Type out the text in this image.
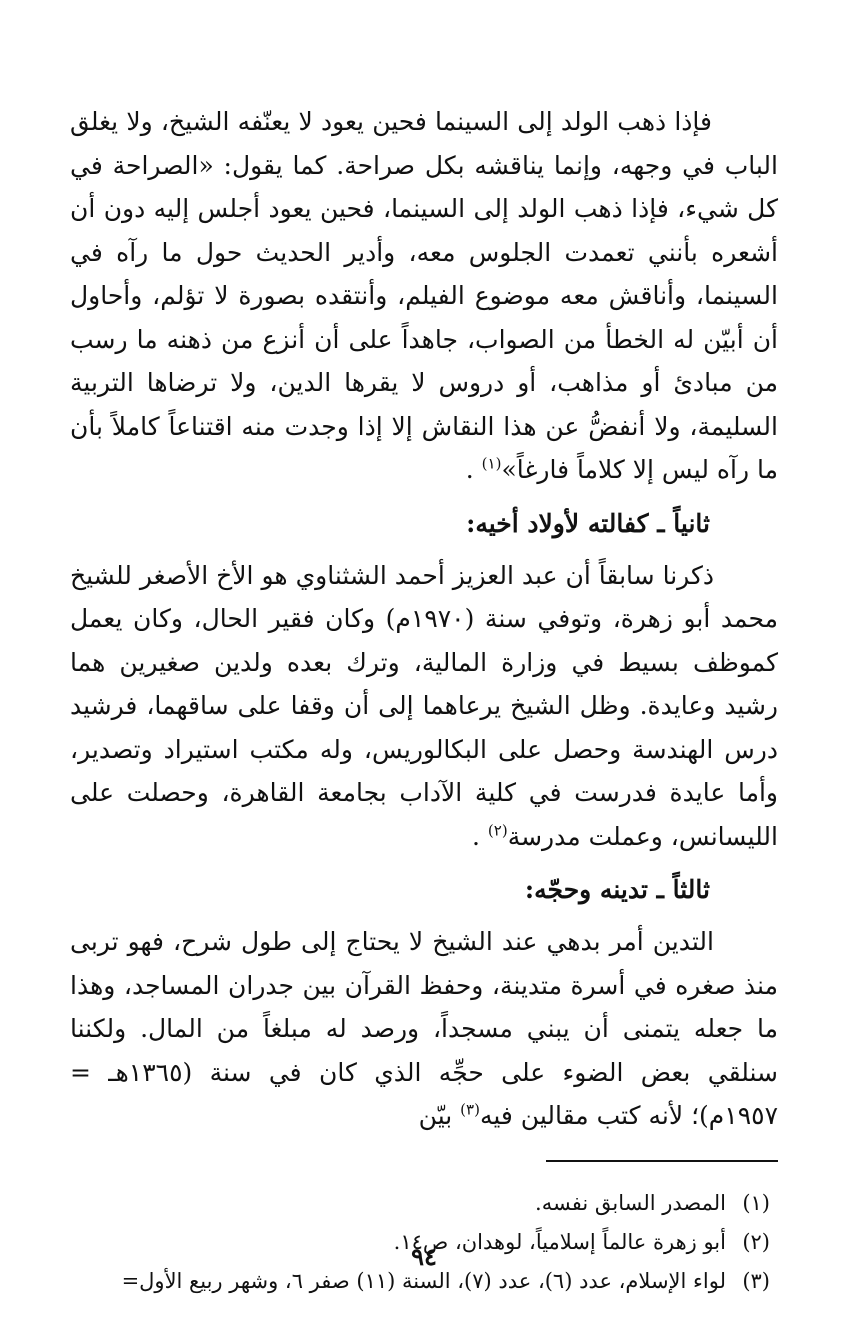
فإذا ذهب الولد إلى السينما فحين يعود لا يعنّفه الشيخ، ولا يغلق الباب في وجهه، وإنما يناقشه بكل صراحة. كما يقول: «الصراحة في كل شيء، فإذا ذهب الولد إلى السينما، فحين يعود أجلس إليه دون أن أشعره بأنني تعمدت الجلوس معه، وأدير الحديث حول ما رآه في السينما، وأناقش معه موضوع الفيلم، وأنتقده بصورة لا تؤلم، وأحاول أن أبيّن له الخطأ من الصواب، جاهداً على أن أنزع من ذهنه ما رسب من مبادئ أو مذاهب، أو دروس لا يقرها الدين، ولا ترضاها التربية السليمة، ولا أنفضُّ عن هذا النقاش إلا إذا وجدت منه اقتناعاً كاملاً بأن ما رآه ليس إلا كلاماً فارغاً»$^{(١)}$ .

ثانياً ـ كفالته لأولاد أخيه:

ذكرنا سابقاً أن عبد العزيز أحمد الشثناوي هو الأخ الأصغر للشيخ محمد أبو زهرة، وتوفي سنة (١٩٧٠م) وكان فقير الحال، وكان يعمل كموظف بسيط في وزارة المالية، وترك بعده ولدين صغيرين هما رشيد وعايدة. وظل الشيخ يرعاهما إلى أن وقفا على ساقهما، فرشيد درس الهندسة وحصل على البكالوريس، وله مكتب استيراد وتصدير، وأما عايدة فدرست في كلية الآداب بجامعة القاهرة، وحصلت على الليسانس، وعملت مدرسة$^{(٢)}$ .

ثالثاً ـ تدينه وحجّه:

التدين أمر بدهي عند الشيخ لا يحتاج إلى طول شرح، فهو تربى منذ صغره في أسرة متدينة، وحفظ القرآن بين جدران المساجد، وهذا ما جعله يتمنى أن يبني مسجداً، ورصد له مبلغاً من المال. ولكننا سنلقي بعض الضوء على حجِّه الذي كان في سنة (١٣٦٥هـ = ١٩٥٧م)؛ لأنه كتب مقالين فيه$^{(٣)}$ بيّن

(١)
المصدر السابق نفسه.
(٢)
أبو زهرة عالماً إسلامياً، لوهدان، ص١٤.
(٣)
لواء الإسلام، عدد (٦)، عدد (٧)، السنة (١١) صفر ٦، وشهر ربيع الأول=
٩٤
